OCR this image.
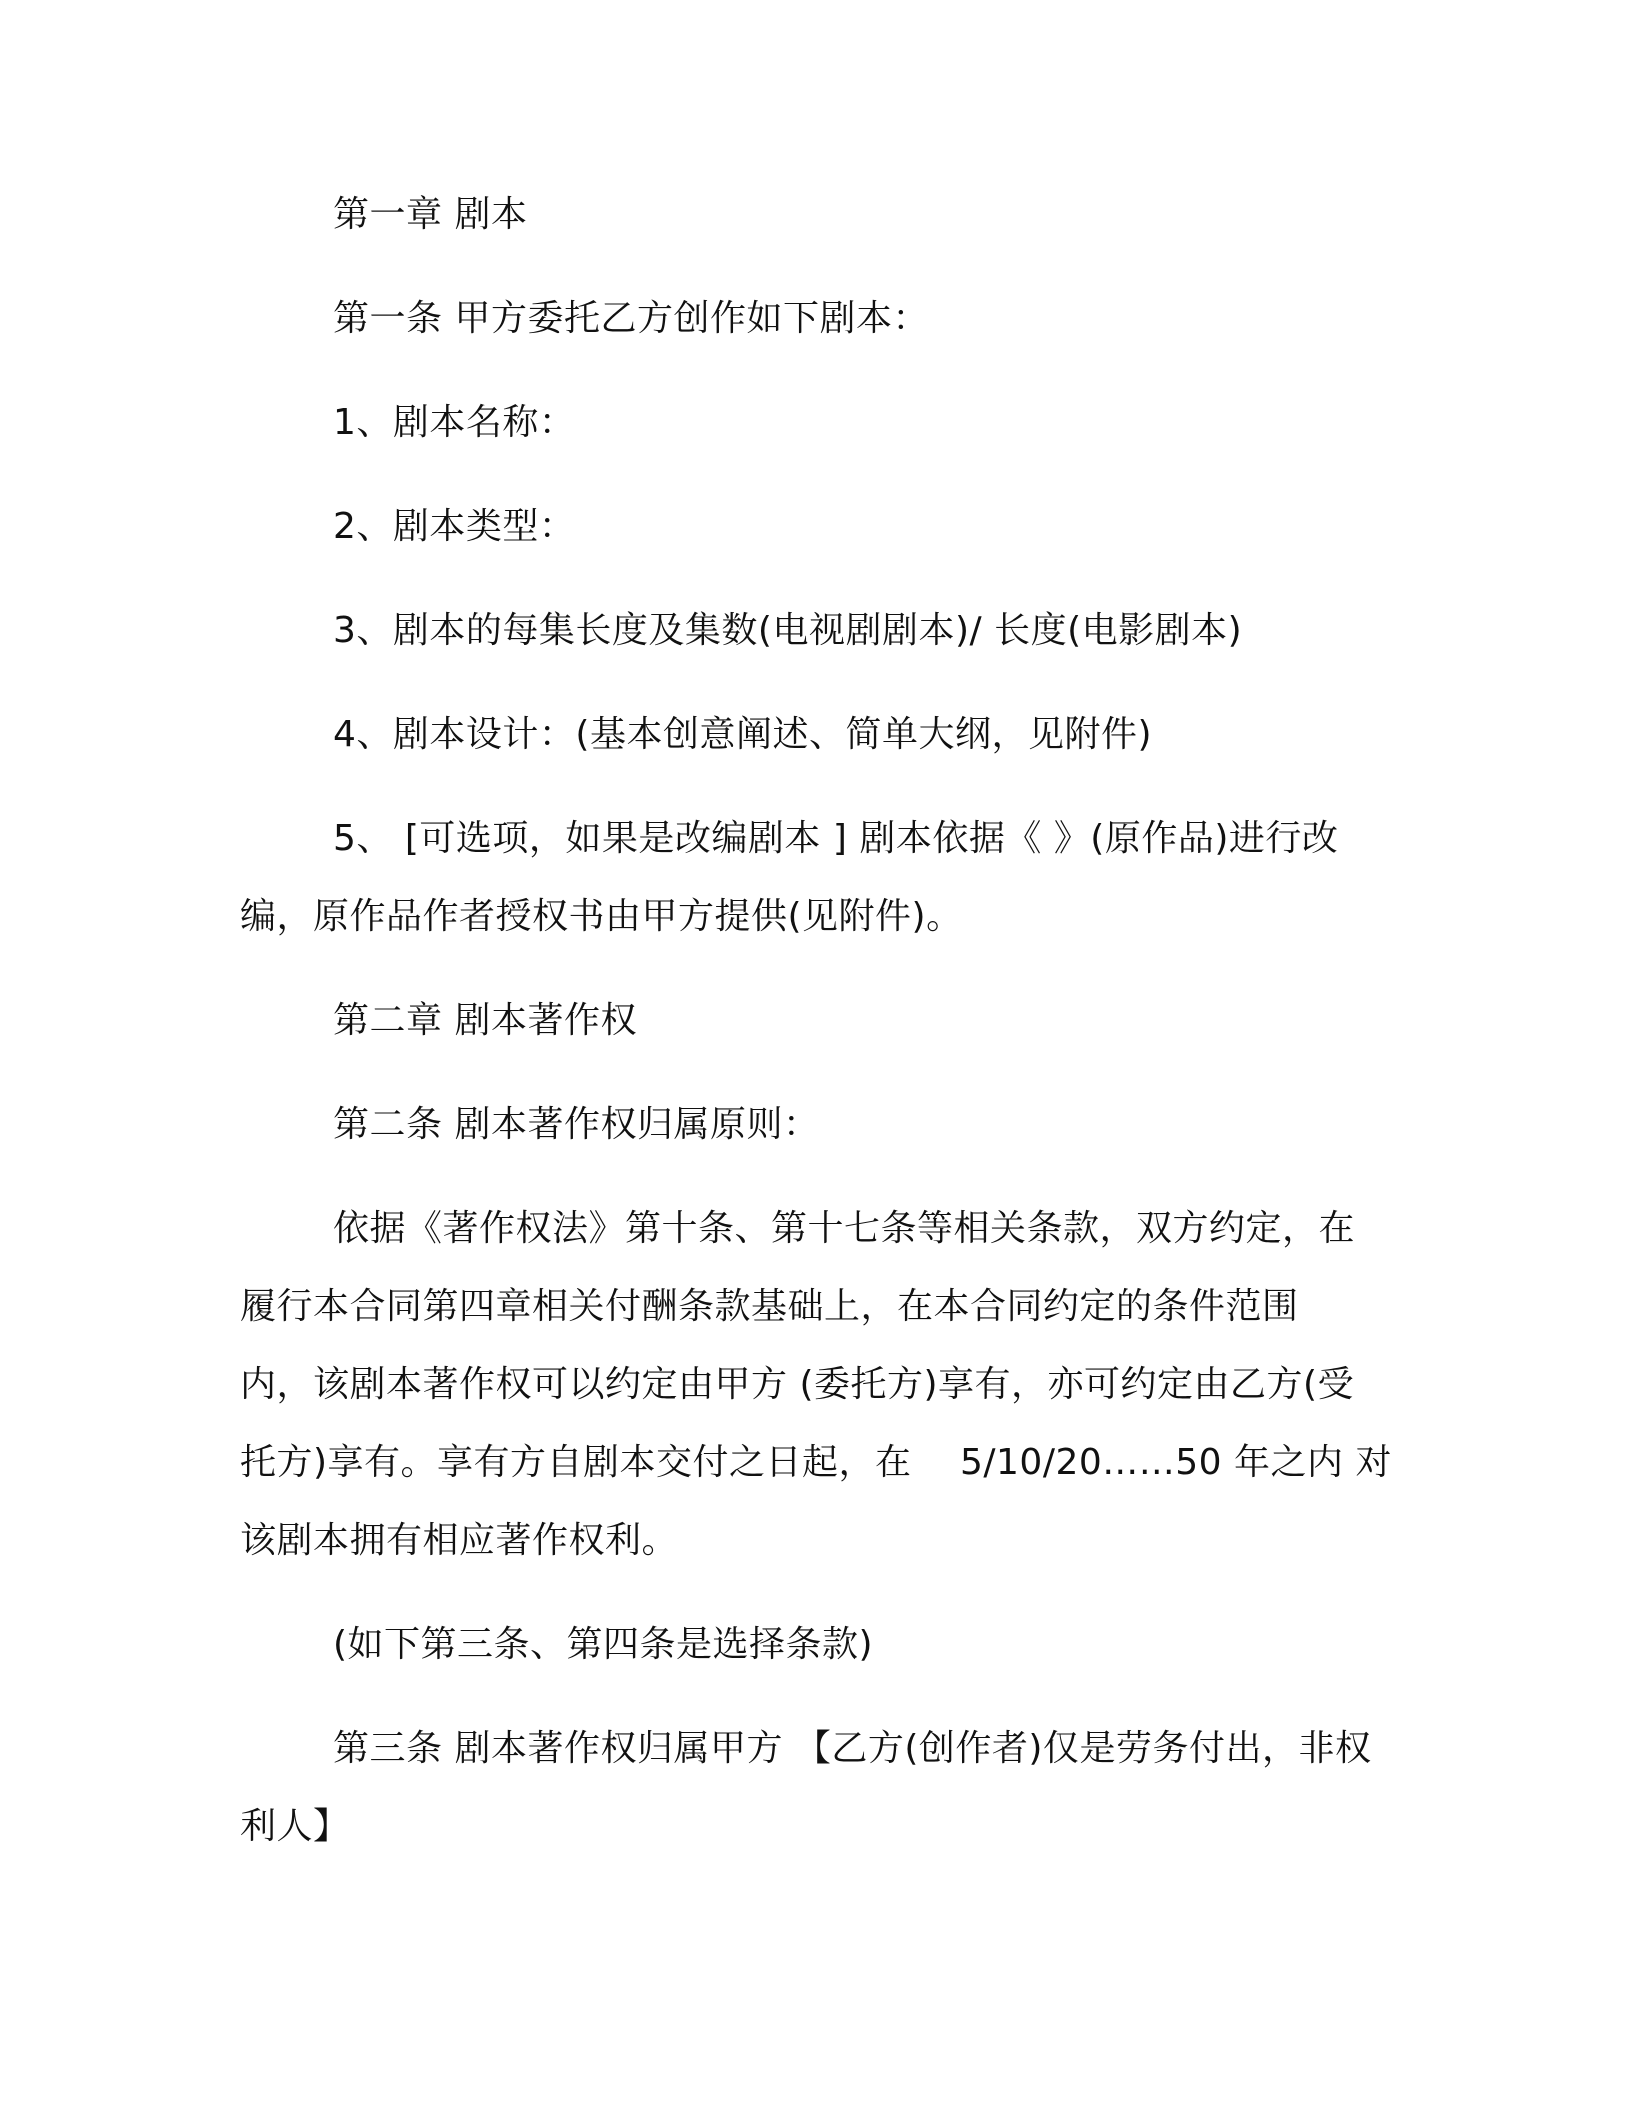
第一章 剧本
第一条 甲方委托乙方创作如下剧本：
1、剧本名称：
2、剧本类型：
3、剧本的每集长度及集数(电视剧剧本)/ 长度(电影剧本)
4、剧本设计：(基本创意阐述、简单大纲，见附件)
5、 [可选项，如果是改编剧本 ] 剧本依据《 》(原作品)进行改
编，原作品作者授权书由甲方提供(见附件)。
第二章 剧本著作权
第二条 剧本著作权归属原则：
依据《著作权法》第十条、第十七条等相关条款，双方约定，在
履行本合同第四章相关付酬条款基础上，在本合同约定的条件范围
内，该剧本著作权可以约定由甲方 (委托方)享有，亦可约定由乙方(受
托方)享有。享有方自剧本交付之日起，在　 5/10/20……50 年之内 对
该剧本拥有相应著作权利。
(如下第三条、第四条是选择条款)
第三条 剧本著作权归属甲方 【乙方(创作者)仅是劳务付出，非权
利人】
